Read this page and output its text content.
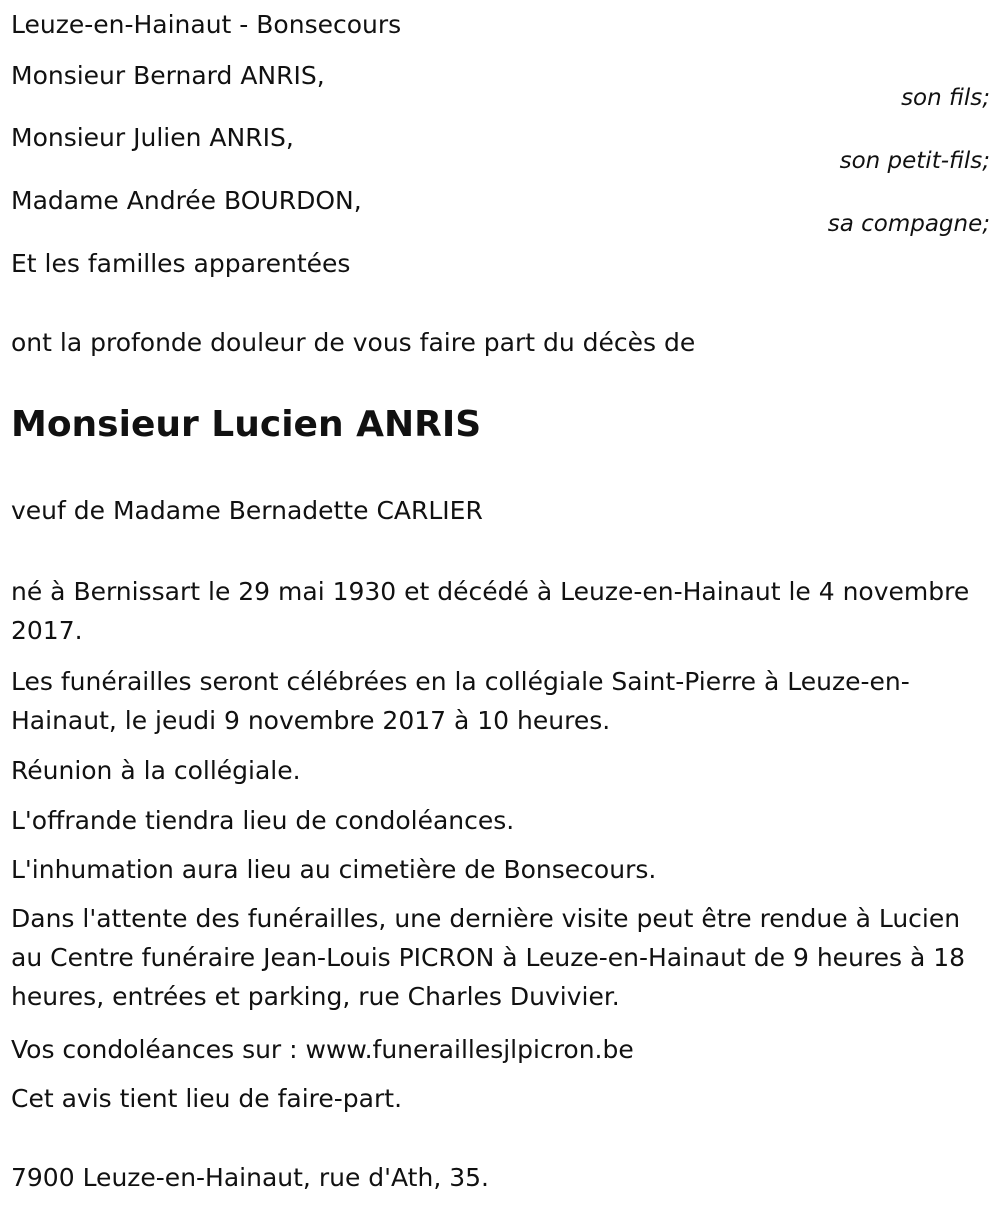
Leuze-en-Hainaut - Bonsecours
Monsieur Bernard ANRIS,
son fils;
Monsieur Julien ANRIS,
son petit-fils;
Madame Andrée BOURDON,
sa compagne;
Et les familles apparentées
ont la profonde douleur de vous faire part du décès de
Monsieur Lucien ANRIS
veuf de Madame Bernadette CARLIER
né à Bernissart le 29 mai 1930 et décédé à Leuze-en-Hainaut le 4 novembre 2017.
Les funérailles seront célébrées en la collégiale Saint-Pierre à Leuze-en-Hainaut, le jeudi 9 novembre 2017 à 10 heures.
Réunion à la collégiale.
L'offrande tiendra lieu de condoléances.
L'inhumation aura lieu au cimetière de Bonsecours.
Dans l'attente des funérailles, une dernière visite peut être rendue à Lucien au Centre funéraire Jean-Louis PICRON à Leuze-en-Hainaut de 9 heures à 18 heures, entrées et parking, rue Charles Duvivier.
Vos condoléances sur : www.funeraillesjlpicron.be
Cet avis tient lieu de faire-part.
7900 Leuze-en-Hainaut, rue d'Ath, 35.
